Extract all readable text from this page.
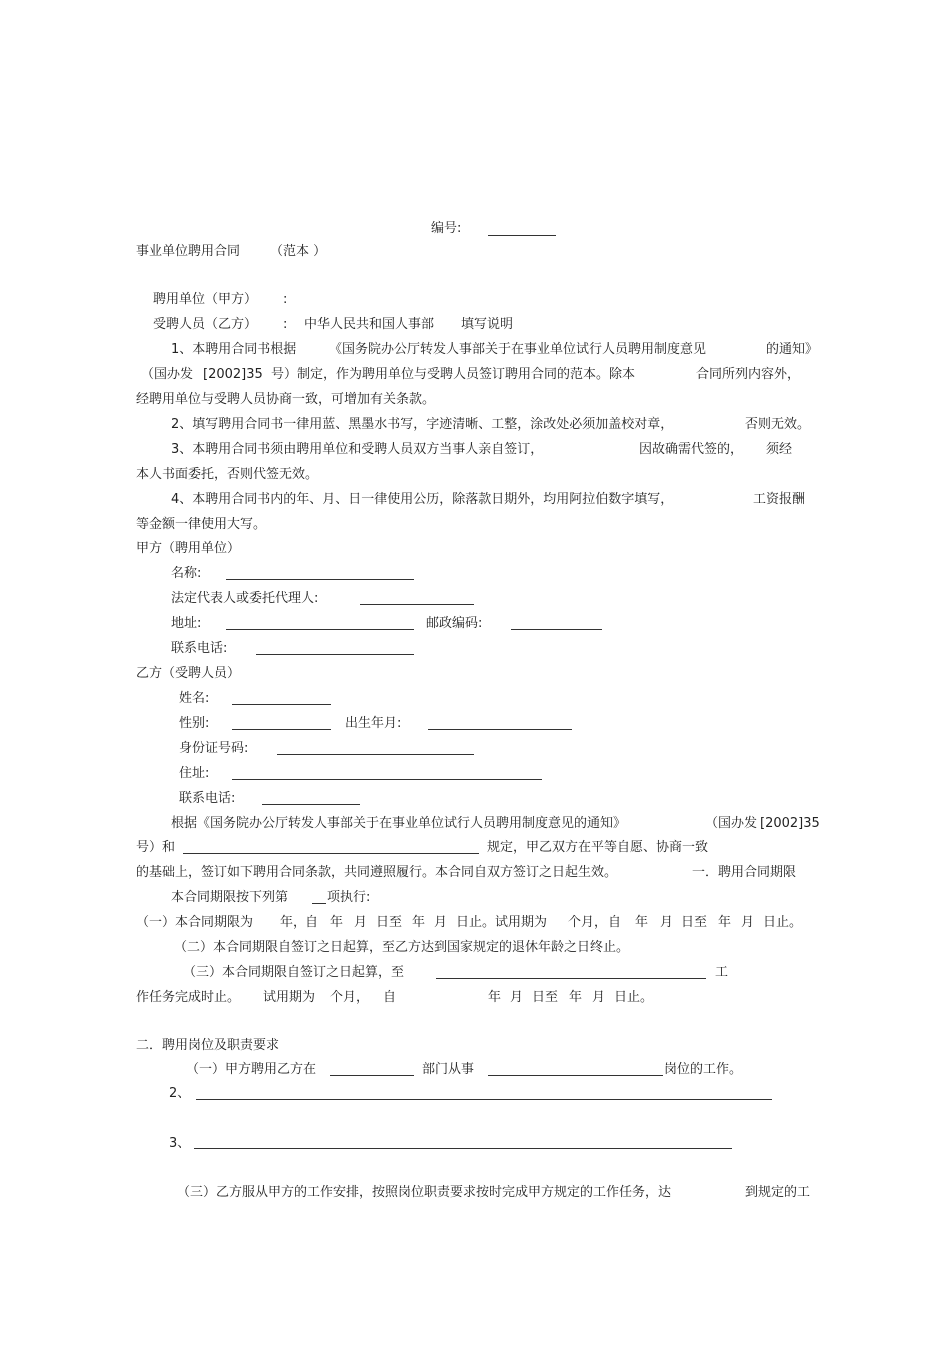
编号:
事业单位聘用合同 （范本 ）
聘用单位（甲方） :
受聘人员（乙方） : 中华人民共和国人事部 填写说明
1、本聘用合同书根据	《国务院办公厅转发人事部关于在事业单位试行人员聘用制度意见	的通知》
（国办发 [2002]35 号）制定，作为聘用单位与受聘人员签订聘用合同的范本。除本	合同所列内容外，
经聘用单位与受聘人员协商一致，可增加有关条款。
2、填写聘用合同书一律用蓝、黑墨水书写，字迹清晰、工整，涂改处必须加盖校对章，	否则无效。
3、本聘用合同书须由聘用单位和受聘人员双方当事人亲自签订，	因故确需代签的， 须经
本人书面委托，否则代签无效。
4、本聘用合同书内的年、月、日一律使用公历，除落款日期外，均用阿拉伯数字填写，	工资报酬
等金额一律使用大写。
甲方（聘用单位）
名称:
法定代表人或委托代理人:
地址:	邮政编码:
联系电话:
乙方（受聘人员）
姓名:
性别:	出生年月:
身份证号码:
住址:
联系电话:
根据《国务院办公厅转发人事部关于在事业单位试行人员聘用制度意见的通知》	（国办发 [2002]35
号）和	规定，甲乙双方在平等自愿、协商一致
的基础上，签订如下聘用合同条款，共同遵照履行。本合同自双方签订之日起生效。	一．聘用合同期限
本合同期限按下列第	项执行:
（一）本合同期限为 年，
自 年 月 日至 年 月 日止。试用期为 个月， 自 年 月 日至 年 月 日止。
（二）本合同期限自签订之日起算，至乙方达到国家规定的退休年龄之日终止。
（三）本合同期限自签订之日起算，至	工
作任务完成时止。 试用期为 个月， 自	年 月 日至 年 月 日止。
二．聘用岗位及职责要求
（一）甲方聘用乙方在	部门从事	岗位的工作。
2、
3、
（三）乙方服从甲方的工作安排，按照岗位职责要求按时完成甲方规定的工作任务，达	到规定的工
